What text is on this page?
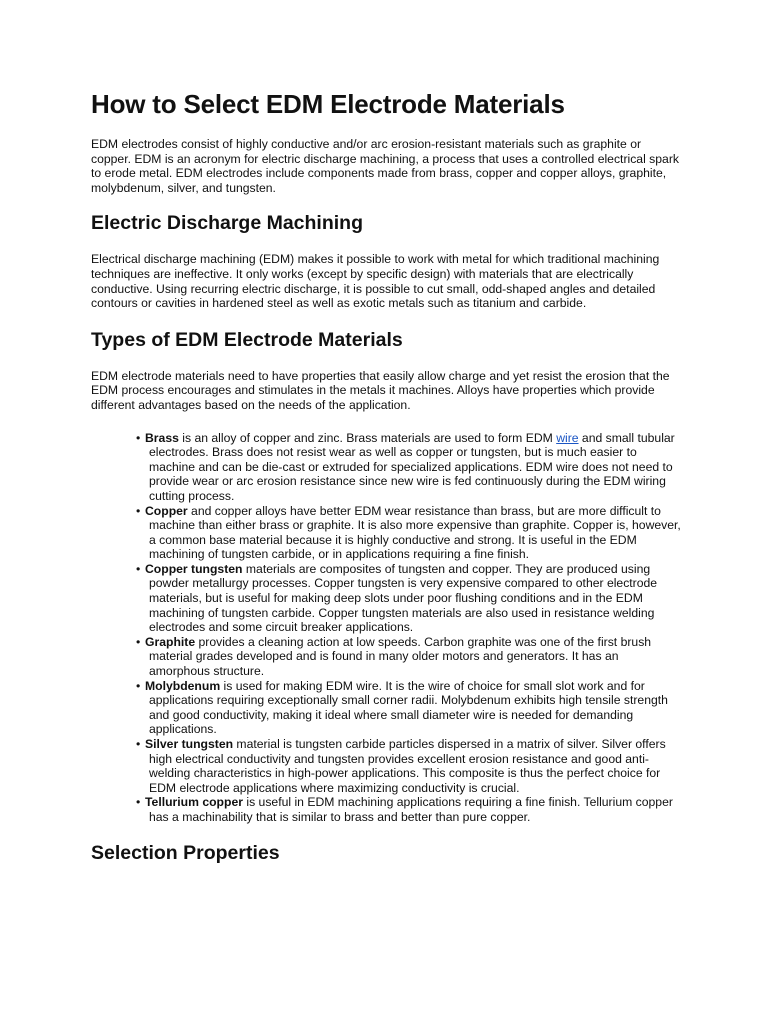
How to Select EDM Electrode Materials

EDM electrodes consist of highly conductive and/or arc erosion-resistant materials such as graphite or copper. EDM is an acronym for electric discharge machining, a process that uses a controlled electrical spark to erode metal. EDM electrodes include components made from brass, copper and copper alloys, graphite, molybdenum, silver, and tungsten.

Electric Discharge Machining

Electrical discharge machining (EDM) makes it possible to work with metal for which traditional machining techniques are ineffective. It only works (except by specific design) with materials that are electrically conductive. Using recurring electric discharge, it is possible to cut small, odd-shaped angles and detailed contours or cavities in hardened steel as well as exotic metals such as titanium and carbide.

Types of EDM Electrode Materials

EDM electrode materials need to have properties that easily allow charge and yet resist the erosion that the EDM process encourages and stimulates in the metals it machines. Alloys have properties which provide different advantages based on the needs of the application.

• Brass is an alloy of copper and zinc. Brass materials are used to form EDM wire and small tubular electrodes. Brass does not resist wear as well as copper or tungsten, but is much easier to machine and can be die-cast or extruded for specialized applications. EDM wire does not need to provide wear or arc erosion resistance since new wire is fed continuously during the EDM wiring cutting process.
• Copper and copper alloys have better EDM wear resistance than brass, but are more difficult to machine than either brass or graphite. It is also more expensive than graphite. Copper is, however, a common base material because it is highly conductive and strong. It is useful in the EDM machining of tungsten carbide, or in applications requiring a fine finish.
• Copper tungsten materials are composites of tungsten and copper. They are produced using powder metallurgy processes. Copper tungsten is very expensive compared to other electrode materials, but is useful for making deep slots under poor flushing conditions and in the EDM machining of tungsten carbide. Copper tungsten materials are also used in resistance welding electrodes and some circuit breaker applications.
• Graphite provides a cleaning action at low speeds. Carbon graphite was one of the first brush material grades developed and is found in many older motors and generators. It has an amorphous structure.
• Molybdenum is used for making EDM wire. It is the wire of choice for small slot work and for applications requiring exceptionally small corner radii. Molybdenum exhibits high tensile strength and good conductivity, making it ideal where small diameter wire is needed for demanding applications.
• Silver tungsten material is tungsten carbide particles dispersed in a matrix of silver. Silver offers high electrical conductivity and tungsten provides excellent erosion resistance and good anti-welding characteristics in high-power applications. This composite is thus the perfect choice for EDM electrode applications where maximizing conductivity is crucial.
• Tellurium copper is useful in EDM machining applications requiring a fine finish. Tellurium copper has a machinability that is similar to brass and better than pure copper.
Selection Properties
